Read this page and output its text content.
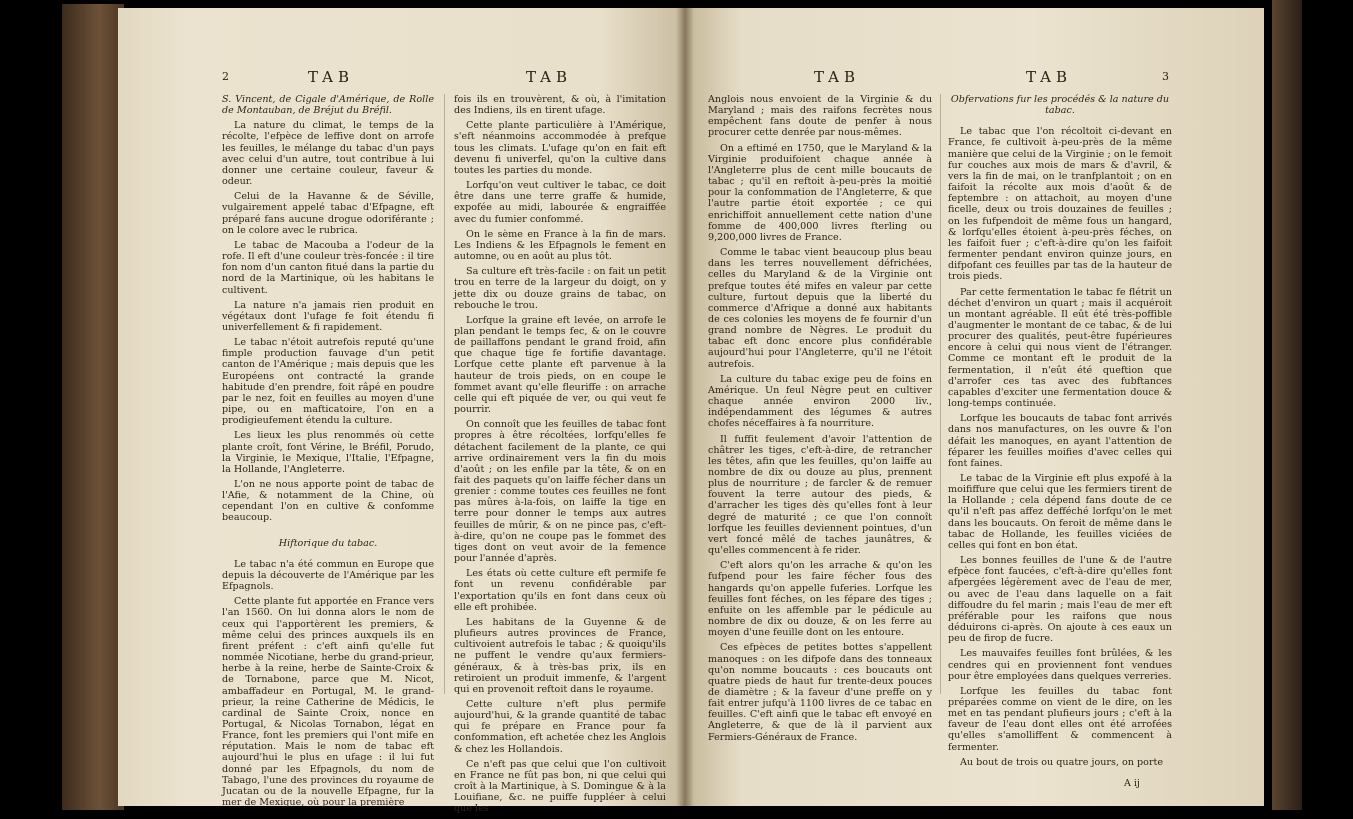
2	TAB	TAB

S. Vincent, de Cigale d'Amérique, de Rolle de Montauban, de Bréjut du Bréfil.

La nature du climat, le temps de la récolte, l'efpèce de leffive dont on arrofe les feuilles, le mélange du tabac d'un pays avec celui d'un autre, tout contribue à lui donner une certaine couleur, faveur & odeur.

Celui de la Havanne & de Séville, vulgairement appelé tabac d'Efpagne, eft préparé fans aucune drogue odoriférante ; on le colore avec le rubrica.

Le tabac de Macouba a l'odeur de la rofe. Il eft d'une couleur très-foncée : il tire fon nom d'un canton fitué dans la partie du nord de la Martinique, où les habitans le cultivent.

La nature n'a jamais rien produit en végétaux dont l'ufage fe foit étendu fi univerfellement & fi rapidement.

Le tabac n'étoit autrefois reputé qu'une fimple production fauvage d'un petit canton de l'Amérique ; mais depuis que les Européens ont contracté la grande habitude d'en prendre, foit râpé en poudre par le nez, foit en feuilles au moyen d'une pipe, ou en mafticatoire, l'on en a prodigieufement étendu la culture.

Les lieux les plus renommés où cette plante croît, font Vérine, le Bréfil, Porudo, la Virginie, le Mexique, l'Italie, l'Efpagne, la Hollande, l'Angleterre.

L'on ne nous apporte point de tabac de l'Afie, & notamment de la Chine, où cependant l'on en cultive & confomme beaucoup.

Hiftorique du tabac.

Le tabac n'a été commun en Europe que depuis la découverte de l'Amérique par les Efpagnols.

Cette plante fut apportée en France vers l'an 1560. On lui donna alors le nom de ceux qui l'apportèrent les premiers, & même celui des princes auxquels ils en firent préfent : c'eft ainfi qu'elle fut nommée Nicotiane, herbe du grand-prieur, herbe à la reine, herbe de Sainte-Croix & de Tornabone, parce que M. Nicot, ambaffadeur en Portugal, M. le grand-prieur, la reine Catherine de Médicis, le cardinal de Sainte Croix, nonce en Portugal, & Nicolas Tornabon, légat en France, font les premiers qui l'ont mife en réputation. Mais le nom de tabac eft aujourd'hui le plus en ufage : il lui fut donné par les Efpagnols, du nom de Tabago, l'une des provinces du royaume de Jucatan ou de la nouvelle Efpagne, fur la mer de Mexique, où pour la première

fois ils en trouvèrent, & où, à l'imitation des Indiens, ils en tirent ufage.

Cette plante particulière à l'Amérique, s'eft néanmoins accommodée à prefque tous les climats. L'ufage qu'on en fait eft devenu fi univerfel, qu'on la cultive dans toutes les parties du monde.

Lorfqu'on veut cultiver le tabac, ce doit être dans une terre graffe & humide, expofée au midi, labourée & engraiffée avec du fumier confommé.

On le sème en France à la fin de mars. Les Indiens & les Efpagnols le fement en automne, ou en août au plus tôt.

Sa culture eft très-facile : on fait un petit trou en terre de la largeur du doigt, on y jette dix ou douze grains de tabac, on rebouche le trou.

Lorfque la graine eft levée, on arrofe le plan pendant le temps fec, & on le couvre de paillaffons pendant le grand froid, afin que chaque tige fe fortifie davantage. Lorfque cette plante eft parvenue à la hauteur de trois pieds, on en coupe le fommet avant qu'elle fleuriffe : on arrache celle qui eft piquée de ver, ou qui veut fe pourrir.

On connoît que les feuilles de tabac font propres à être récoltées, lorfqu'elles fe détachent facilement de la plante, ce qui arrive ordinairement vers la fin du mois d'août ; on les enfile par la tête, & on en fait des paquets qu'on laiffe fécher dans un grenier : comme toutes ces feuilles ne font pas mûres à-la-fois, on laiffe la tige en terre pour donner le temps aux autres feuilles de mûrir, & on ne pince pas, c'eft-à-dire, qu'on ne coupe pas le fommet des tiges dont on veut avoir de la femence pour l'année d'après.

Les états où cette culture eft permife fe font un revenu confidérable par l'exportation qu'ils en font dans ceux où elle eft prohibée.

Les habitans de la Guyenne & de plufieurs autres provinces de France, cultivoient autrefois le tabac ; & quoiqu'ils ne puffent le vendre qu'aux fermiers-généraux, & à très-bas prix, ils en retiroient un produit immenfe, & l'argent qui en provenoit reftoit dans le royaume.

Cette culture n'eft plus permife aujourd'hui, & la grande quantité de tabac qui fe prépare en France pour fa confommation, eft achetée chez les Anglois & chez les Hollandois.

Ce n'eft pas que celui que l'on cultivoit en France ne fût pas bon, ni que celui qui croît à la Martinique, à S. Domingue & à la Louifiane, &c. ne puiffe fuppléer à celui que les

TAB	TAB	3

Anglois nous envoient de la Virginie & du Maryland ; mais des raifons fecrètes nous empêchent fans doute de penfer à nous procurer cette denrée par nous-mêmes.

On a eftimé en 1750, que le Maryland & la Virginie produifoient chaque année à l'Angleterre plus de cent mille boucauts de tabac ; qu'il en reftoit à-peu-près la moitié pour la confommation de l'Angleterre, & que l'autre partie étoit exportée ; ce qui enrichiffoit annuellement cette nation d'une fomme de 400,000 livres fterling ou 9,200,000 livres de France.

Comme le tabac vient beaucoup plus beau dans les terres nouvellement défrichées, celles du Maryland & de la Virginie ont prefque toutes été mifes en valeur par cette culture, furtout depuis que la liberté du commerce d'Afrique a donné aux habitants de ces colonies les moyens de fe fournir d'un grand nombre de Nègres. Le produit du tabac eft donc encore plus confidérable aujourd'hui pour l'Angleterre, qu'il ne l'étoit autrefois.

La culture du tabac exige peu de foins en Amérique. Un feul Nègre peut en cultiver chaque année environ 2000 liv., indépendamment des légumes & autres chofes néceffaires à fa nourriture.

Il fuffit feulement d'avoir l'attention de châtrer les tiges, c'eft-à-dire, de retrancher les têtes, afin que les feuilles, qu'on laiffe au nombre de dix ou douze au plus, prennent plus de nourriture ; de farcler & de remuer fouvent la terre autour des pieds, & d'arracher les tiges dès qu'elles font à leur degré de maturité ; ce que l'on connoît lorfque les feuilles deviennent pointues, d'un vert foncé mêlé de taches jaunâtres, & qu'elles commencent à fe rider.

C'eft alors qu'on les arrache & qu'on les fufpend pour les faire fécher fous des hangards qu'on appelle fuferies. Lorfque les feuilles font féches, on les fépare des tiges ; enfuite on les affemble par le pédicule au nombre de dix ou douze, & on les ferre au moyen d'une feuille dont on les entoure.

Ces efpèces de petites bottes s'appellent manoques : on les difpofe dans des tonneaux qu'on nomme boucauts : ces boucauts ont quatre pieds de haut fur trente-deux pouces de diamètre ; & la faveur d'une preffe on y fait entrer jufqu'à 1100 livres de ce tabac en feuilles. C'eft ainfi que le tabac eft envoyé en Angleterre, & que de là il parvient aux Fermiers-Généraux de France.

Obfervations fur les procédés & la nature du tabac.

Le tabac que l'on récoltoit ci-devant en France, fe cultivoit à-peu-près de la même manière que celui de la Virginie ; on le femoit fur couches aux mois de mars & d'avril, & vers la fin de mai, on le tranfplantoit ; on en faifoit la récolte aux mois d'août & de feptembre : on attachoit, au moyen d'une ficelle, deux ou trois douzaines de feuilles ; on les fufpendoit de même fous un hangard, & lorfqu'elles étoient à-peu-près féches, on les faifoit fuer ; c'eft-à-dire qu'on les faifoit fermenter pendant environ quinze jours, en difpofant ces feuilles par tas de la hauteur de trois pieds.

Par cette fermentation le tabac fe flétrit un déchet d'environ un quart ; mais il acquéroit un montant agréable. Il eût été très-poffible d'augmenter le montant de ce tabac, & de lui procurer des qualités, peut-être fupérieures encore à celui qui nous vient de l'étranger. Comme ce montant eft le produit de la fermentation, il n'eût été queftion que d'arrofer ces tas avec des fubftances capables d'exciter une fermentation douce & long-temps continuée.

Lorfque les boucauts de tabac font arrivés dans nos manufactures, on les ouvre & l'on défait les manoques, en ayant l'attention de féparer les feuilles moifies d'avec celles qui font faines.

Le tabac de la Virginie eft plus expofé à la moififfure que celui que les fermiers tirent de la Hollande ; cela dépend fans doute de ce qu'il n'eft pas affez defféché lorfqu'on le met dans les boucauts. On feroit de même dans le tabac de Hollande, les feuilles viciées de celles qui font en bon état.

Les bonnes feuilles de l'une & de l'autre efpèce font faucées, c'eft-à-dire qu'elles font afpergées légèrement avec de l'eau de mer, ou avec de l'eau dans laquelle on a fait diffoudre du fel marin ; mais l'eau de mer eft préférable pour les raifons que nous déduirons ci-après. On ajoute à ces eaux un peu de firop de fucre.

Les mauvaifes feuilles font brûlées, & les cendres qui en proviennent font vendues pour être employées dans quelques verreries.

Lorfque les feuilles du tabac font préparées comme on vient de le dire, on les met en tas pendant plufieurs jours ; c'eft à la faveur de l'eau dont elles ont été arrofées qu'elles s'amolliffent & commencent à fermenter.

Au bout de trois ou quatre jours, on porte

A ij
